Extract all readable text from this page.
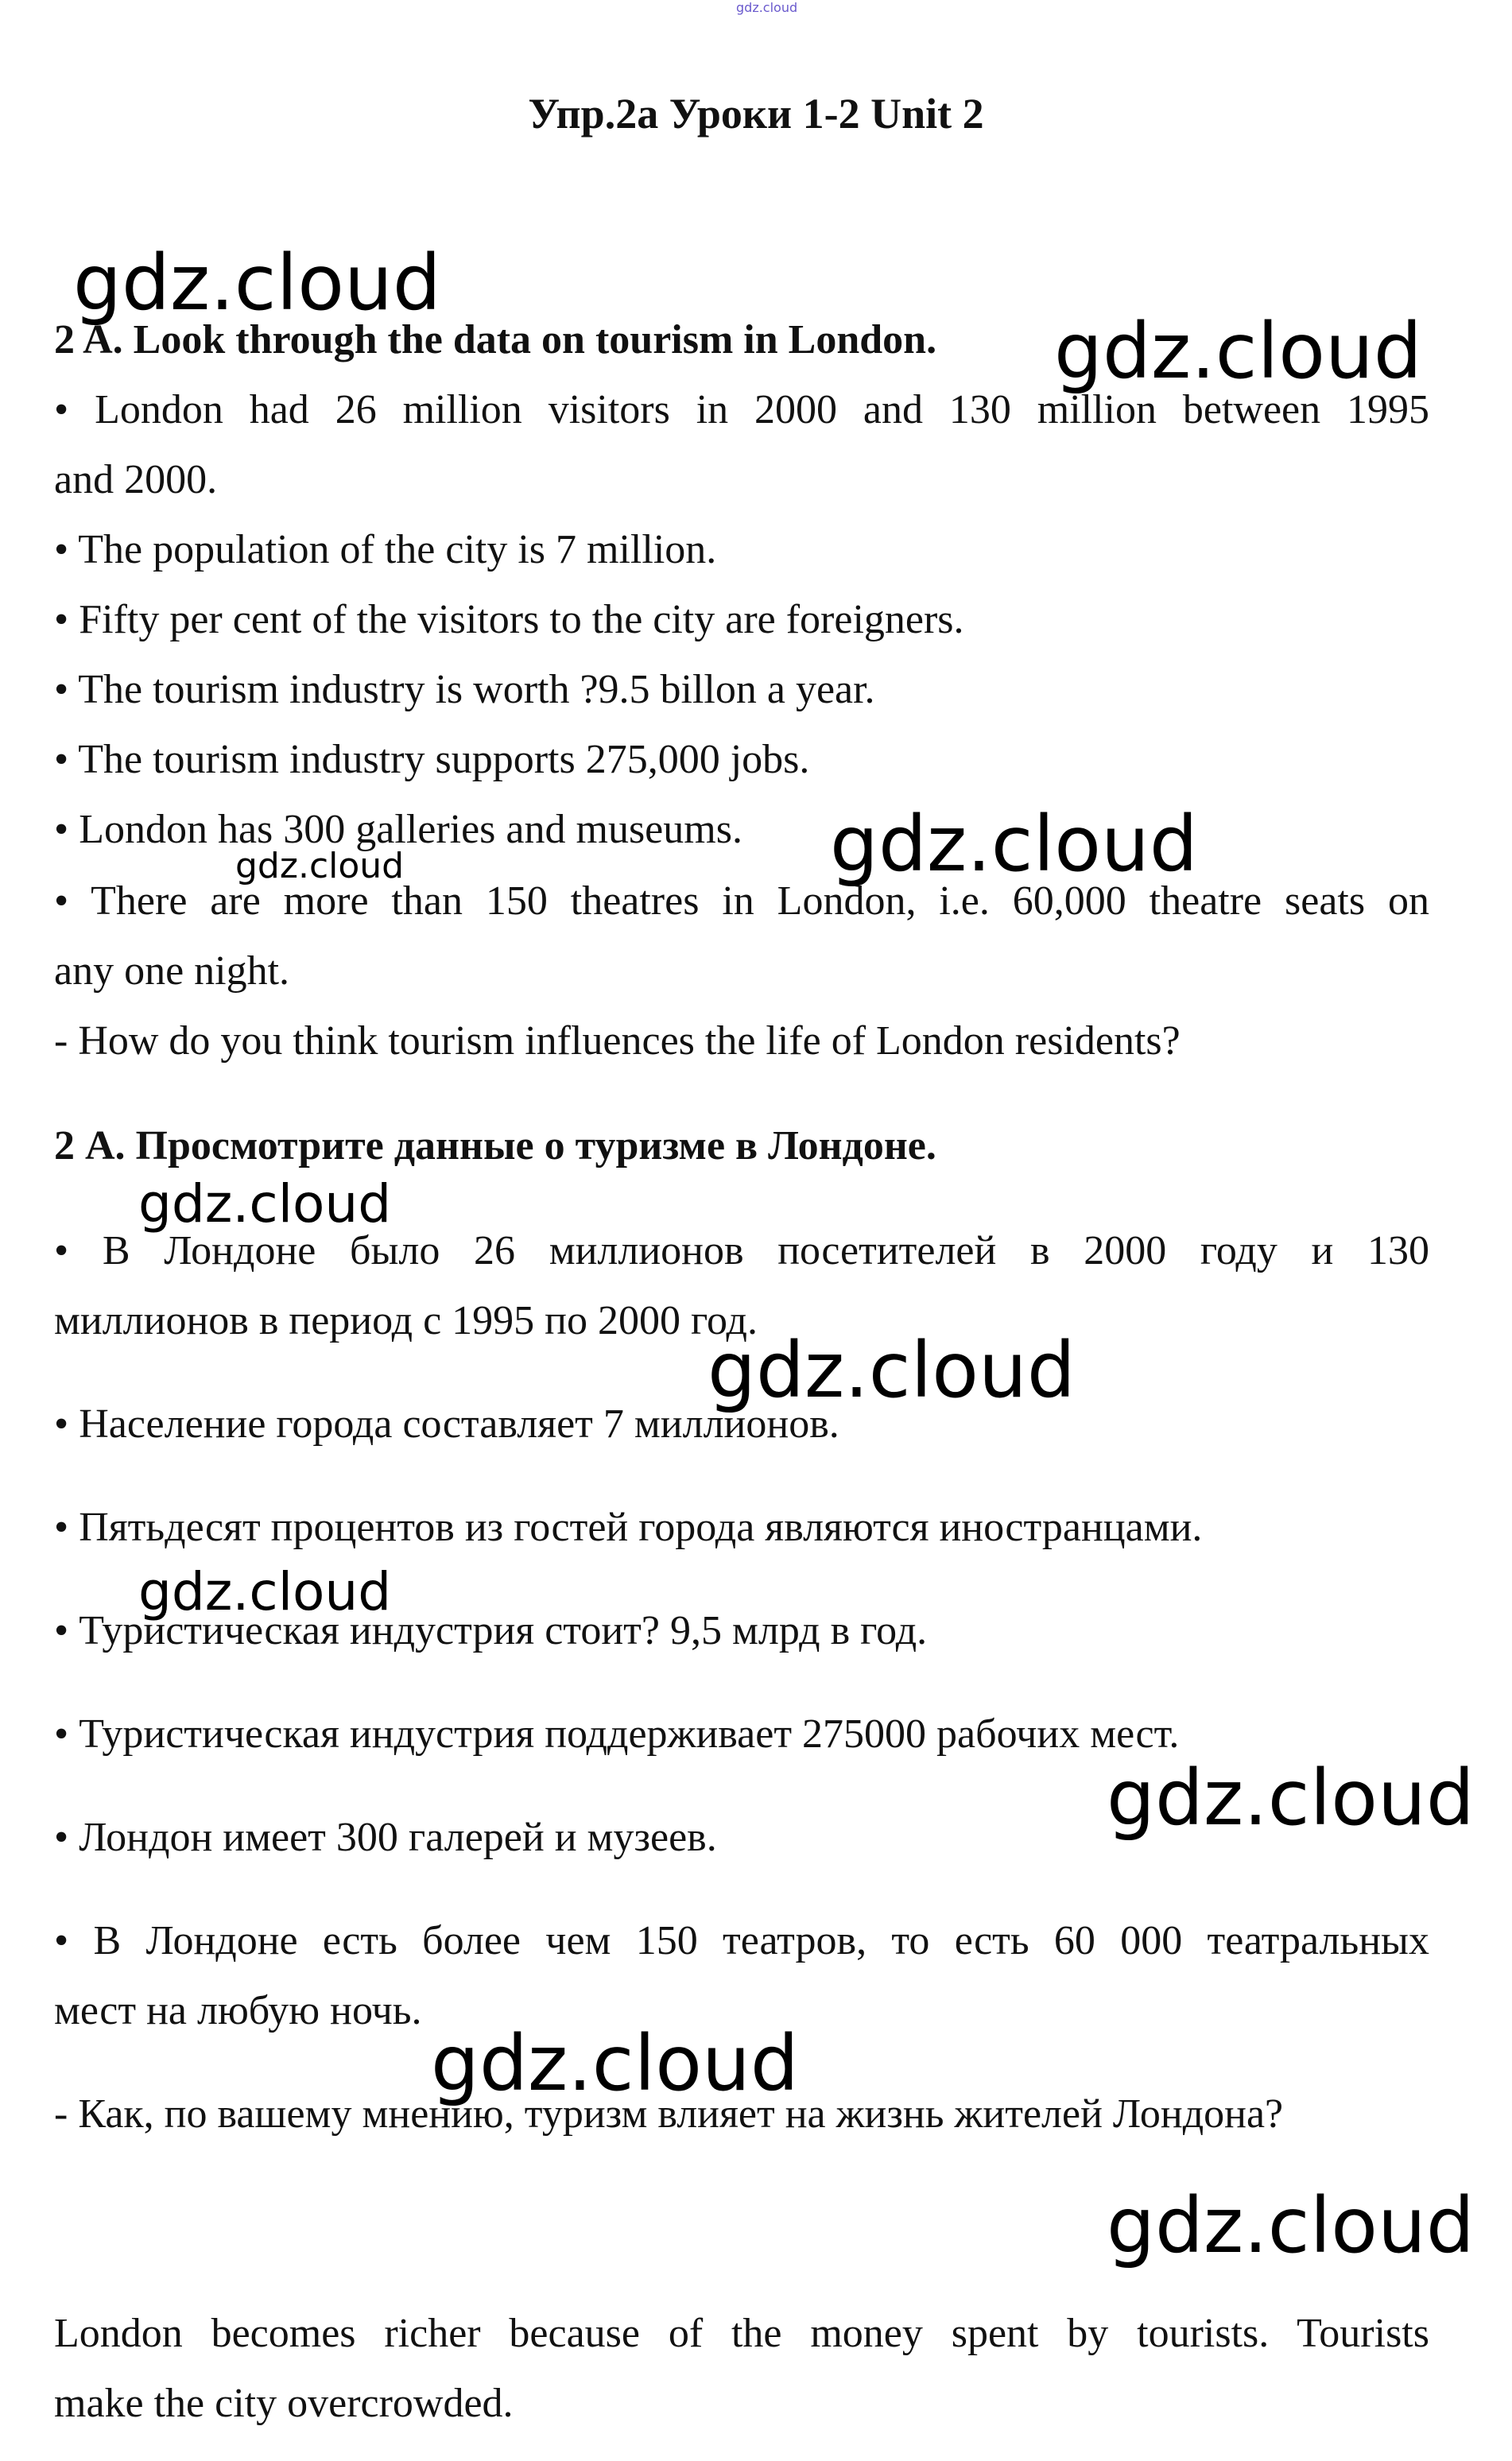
gdz.cloud
Упр.2а Уроки 1-2 Unit 2
2 A. Look through the data on tourism in London.
• London had 26 million visitors in 2000 and 130 million between 1995
and 2000.
• The population of the city is 7 million.
• Fifty per cent of the visitors to the city are foreigners.
• The tourism industry is worth ?9.5 billon a year.
• The tourism industry supports 275,000 jobs.
• London has 300 galleries and museums.
• There are more than 150 theatres in London, i.e. 60,000 theatre seats on
any one night.
- How do you think tourism influences the life of London residents?
2 А. Просмотрите данные о туризме в Лондоне.
• В Лондоне было 26 миллионов посетителей в 2000 году и 130
миллионов в период с 1995 по 2000 год.
• Население города составляет 7 миллионов.
• Пятьдесят процентов из гостей города являются иностранцами.
• Туристическая индустрия стоит? 9,5 млрд в год.
• Туристическая индустрия поддерживает 275000 рабочих мест.
• Лондон имеет 300 галерей и музеев.
• В Лондоне есть более чем 150 театров, то есть 60 000 театральных
мест на любую ночь.
- Как, по вашему мнению, туризм влияет на жизнь жителей Лондона?
London becomes richer because of the money spent by tourists. Tourists
make the city overcrowded.
gdz.cloud
gdz.cloud
gdz.cloud
gdz.cloud
gdz.cloud
gdz.cloud
gdz.cloud
gdz.cloud
gdz.cloud
gdz.cloud
